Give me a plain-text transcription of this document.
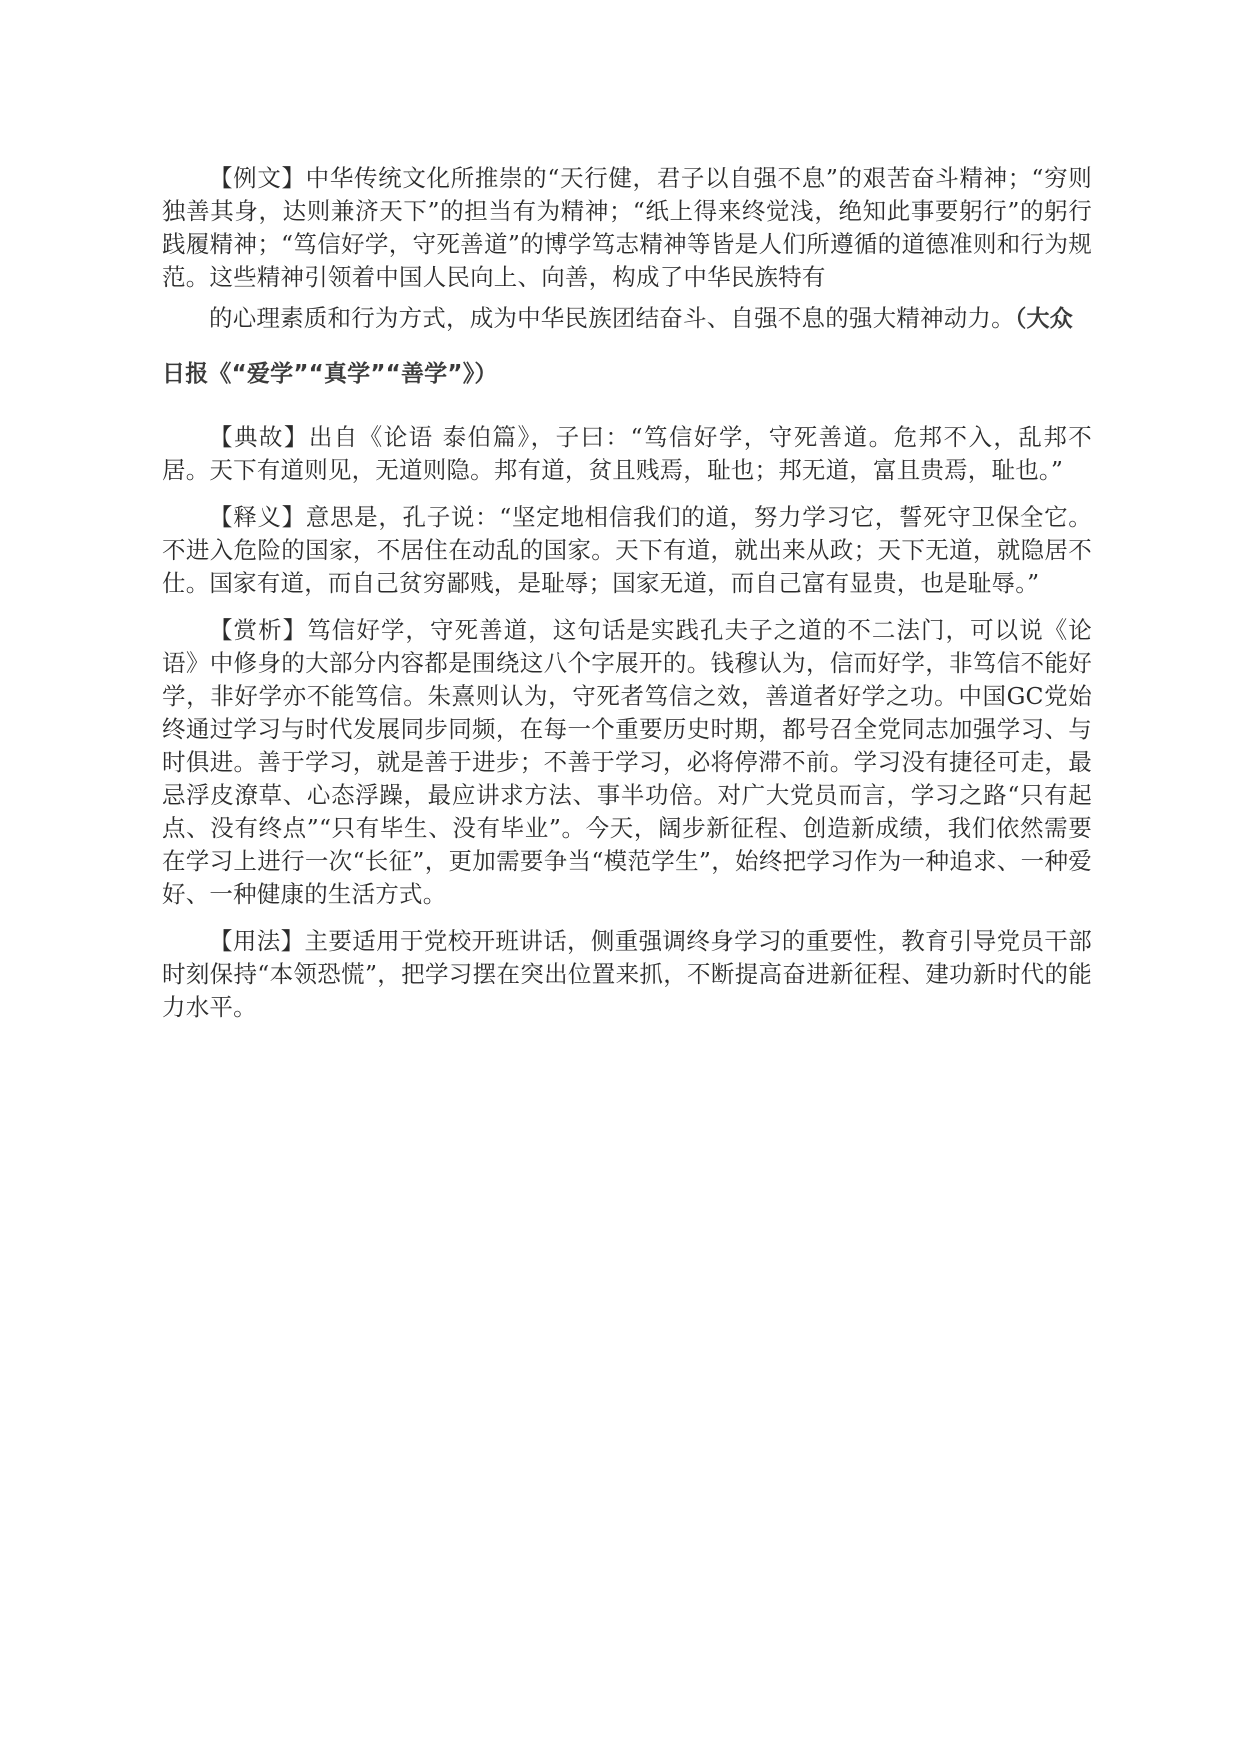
【例文】中华传统文化所推崇的“天行健，君子以自强不息”的艰苦奋斗精神；“穷则独善其身，达则兼济天下”的担当有为精神；“纸上得来终觉浅，绝知此事要躬行”的躬行践履精神；“笃信好学，守死善道”的博学笃志精神等皆是人们所遵循的道德准则和行为规范。这些精神引领着中国人民向上、向善，构成了中华民族特有
的心理素质和行为方式，成为中华民族团结奋斗、自强不息的强大精神动力。（大众
日报《“爱学”“真学”“善学”》）

【典故】出自《论语 泰伯篇》，子曰：“笃信好学，守死善道。危邦不入，乱邦不居。天下有道则见，无道则隐。邦有道，贫且贱焉，耻也；邦无道，富且贵焉，耻也。”

【释义】意思是，孔子说：“坚定地相信我们的道，努力学习它，誓死守卫保全它。不进入危险的国家，不居住在动乱的国家。天下有道，就出来从政；天下无道，就隐居不仕。国家有道，而自己贫穷鄙贱，是耻辱；国家无道，而自己富有显贵，也是耻辱。”

【赏析】笃信好学，守死善道，这句话是实践孔夫子之道的不二法门，可以说《论语》中修身的大部分内容都是围绕这八个字展开的。钱穆认为，信而好学，非笃信不能好学，非好学亦不能笃信。朱熹则认为，守死者笃信之效，善道者好学之功。中国GC党始终通过学习与时代发展同步同频，在每一个重要历史时期，都号召全党同志加强学习、与时俱进。善于学习，就是善于进步；不善于学习，必将停滞不前。学习没有捷径可走，最忌浮皮潦草、心态浮躁，最应讲求方法、事半功倍。对广大党员而言，学习之路“只有起点、没有终点”“只有毕生、没有毕业”。今天，阔步新征程、创造新成绩，我们依然需要在学习上进行一次“长征”，更加需要争当“模范学生”，始终把学习作为一种追求、一种爱好、一种健康的生活方式。

【用法】主要适用于党校开班讲话，侧重强调终身学习的重要性，教育引导党员干部时刻保持“本领恐慌”，把学习摆在突出位置来抓，不断提高奋进新征程、建功新时代的能力水平。
